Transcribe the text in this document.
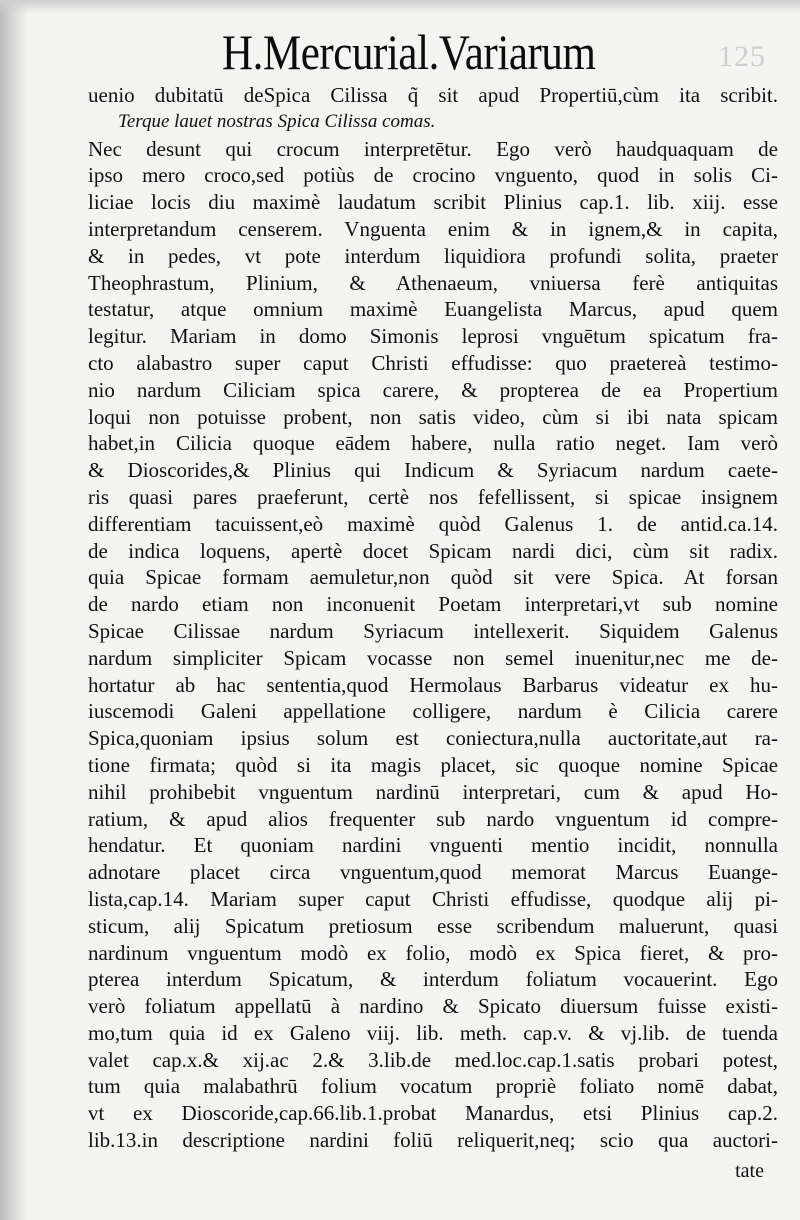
125
H.Mercurial.Variarum
uenio dubitatū deSpica Cilissa q̃ sit apud Propertiū,cùm ita scribit.
Terque lauet nostras Spica Cilissa comas.
Nec desunt qui crocum interpretētur. Ego verò haudquaquam de
ipso mero croco,sed potiùs de crocino vnguento, quod in solis Ci-
liciae locis diu maximè laudatum scribit Plinius cap.1. lib. xiij. esse
interpretandum censerem. Vnguenta enim & in ignem,& in capita,
& in pedes, vt pote interdum liquidiora profundi solita, praeter
Theophrastum, Plinium, & Athenaeum, vniuersa ferè antiquitas
testatur, atque omnium maximè Euangelista Marcus, apud quem
legitur. Mariam in domo Simonis leprosi vnguētum spicatum fra-
cto alabastro super caput Christi effudisse: quo praetereà testimo-
nio nardum Ciliciam spica carere, & propterea de ea Propertium
loqui non potuisse probent, non satis video, cùm si ibi nata spicam
habet,in Cilicia quoque eādem habere, nulla ratio neget. Iam verò
& Dioscorides,& Plinius qui Indicum & Syriacum nardum caete-
ris quasi pares praeferunt, certè nos fefellissent, si spicae insignem
differentiam tacuissent,eò maximè quòd Galenus 1. de antid.ca.14.
de indica loquens, apertè docet Spicam nardi dici, cùm sit radix.
quia Spicae formam aemuletur,non quòd sit vere Spica. At forsan
de nardo etiam non inconuenit Poetam interpretari,vt sub nomine
Spicae Cilissae nardum Syriacum intellexerit. Siquidem Galenus
nardum simpliciter Spicam vocasse non semel inuenitur,nec me de-
hortatur ab hac sententia,quod Hermolaus Barbarus videatur ex hu-
iuscemodi Galeni appellatione colligere, nardum è Cilicia carere
Spica,quoniam ipsius solum est coniectura,nulla auctoritate,aut ra-
tione firmata; quòd si ita magis placet, sic quoque nomine Spicae
nihil prohibebit vnguentum nardinū interpretari, cum & apud Ho-
ratium, & apud alios frequenter sub nardo vnguentum id compre-
hendatur. Et quoniam nardini vnguenti mentio incidit, nonnulla
adnotare placet circa vnguentum,quod memorat Marcus Euange-
lista,cap.14. Mariam super caput Christi effudisse, quodque alij pi-
sticum, alij Spicatum pretiosum esse scribendum maluerunt, quasi
nardinum vnguentum modò ex folio, modò ex Spica fieret, & pro-
pterea interdum Spicatum, & interdum foliatum vocauerint. Ego
verò foliatum appellatū à nardino & Spicato diuersum fuisse existi-
mo,tum quia id ex Galeno viij. lib. meth. cap.v. & vj.lib. de tuenda
valet cap.x.& xij.ac 2.& 3.lib.de med.loc.cap.1.satis probari potest,
tum quia malabathrū folium vocatum propriè foliato nomē dabat,
vt ex Dioscoride,cap.66.lib.1.probat Manardus, etsi Plinius cap.2.
lib.13.in descriptione nardini foliū reliquerit,neq; scio qua auctori-
tate
